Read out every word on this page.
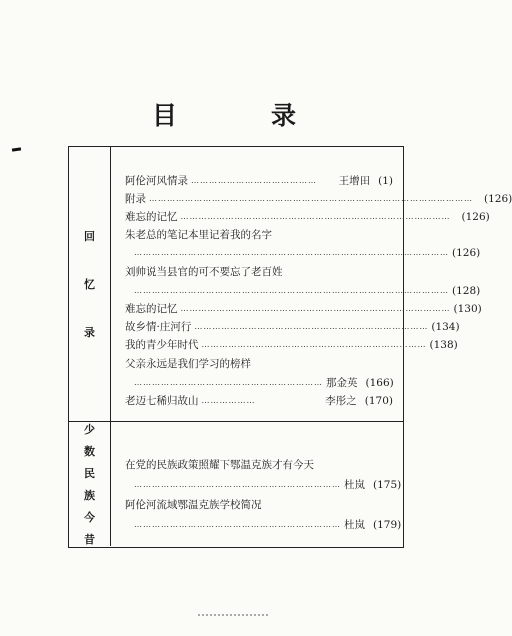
目	录
回
忆
录
阿伦河风情录 ……………………………………	王增田 (1)
附录 ……………………………………………………………………………………………… (126)
难忘的记忆 ……………………………………………………………………………… (126)
朱老总的笔记本里记着我的名字
…………………………………………………………………………………………… (126)
刘帅说当县官的可不要忘了老百姓
…………………………………………………………………………………………… (128)
难忘的记忆 ……………………………………………………………………………… (130)
故乡情·庄河行 …………………………………………………………………… (134)
我的青少年时代 ………………………………………………………………… (138)
父亲永远是我们学习的榜样
……………………………………………………… 那金英 (166)
老迈七稀归故山 ………………	李彤之 (170)
少
数
民
族
今
昔
在党的民族政策照耀下鄂温克族才有今天
…………………………………………………………… 杜岚 (175)
阿伦河流域鄂温克族学校简况
…………………………………………………………… 杜岚 (179)
